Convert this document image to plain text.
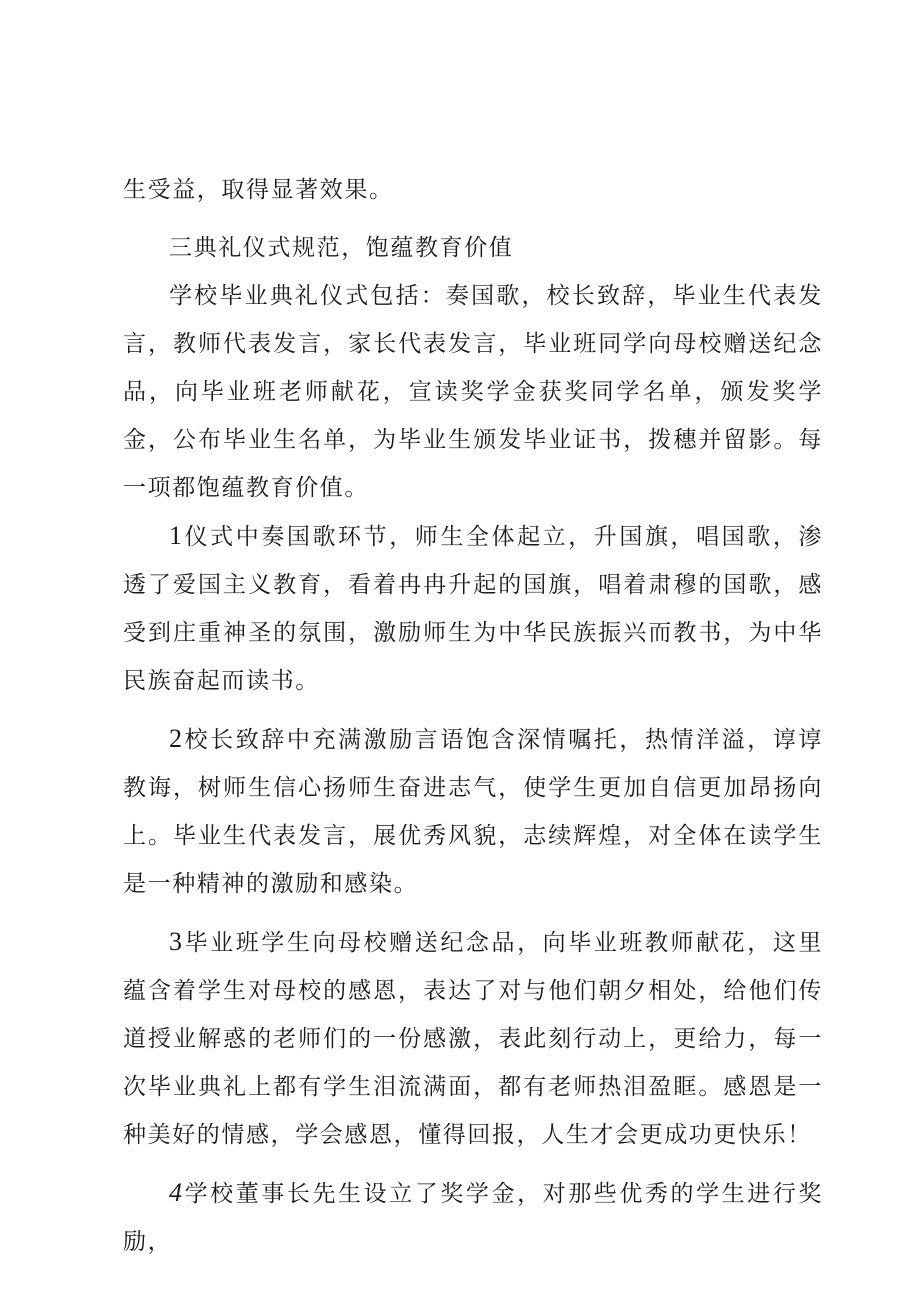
生受益，取得显著效果。

三典礼仪式规范，饱蕴教育价值

学校毕业典礼仪式包括：奏国歌，校长致辞，毕业生代表发言，教师代表发言，家长代表发言，毕业班同学向母校赠送纪念品，向毕业班老师献花，宣读奖学金获奖同学名单，颁发奖学金，公布毕业生名单，为毕业生颁发毕业证书，拨穗并留影。每一项都饱蕴教育价值。

1仪式中奏国歌环节，师生全体起立，升国旗，唱国歌，渗透了爱国主义教育，看着冉冉升起的国旗，唱着肃穆的国歌，感受到庄重神圣的氛围，激励师生为中华民族振兴而教书，为中华民族奋起而读书。

2校长致辞中充满激励言语饱含深情嘱托，热情洋溢，谆谆教诲，树师生信心扬师生奋进志气，使学生更加自信更加昂扬向上。毕业生代表发言，展优秀风貌，志续辉煌，对全体在读学生是一种精神的激励和感染。

3毕业班学生向母校赠送纪念品，向毕业班教师献花，这里蕴含着学生对母校的感恩，表达了对与他们朝夕相处，给他们传道授业解惑的老师们的一份感激，表此刻行动上，更给力，每一次毕业典礼上都有学生泪流满面，都有老师热泪盈眶。感恩是一种美好的情感，学会感恩，懂得回报，人生才会更成功更快乐！

4学校董事长先生设立了奖学金，对那些优秀的学生进行奖励，
